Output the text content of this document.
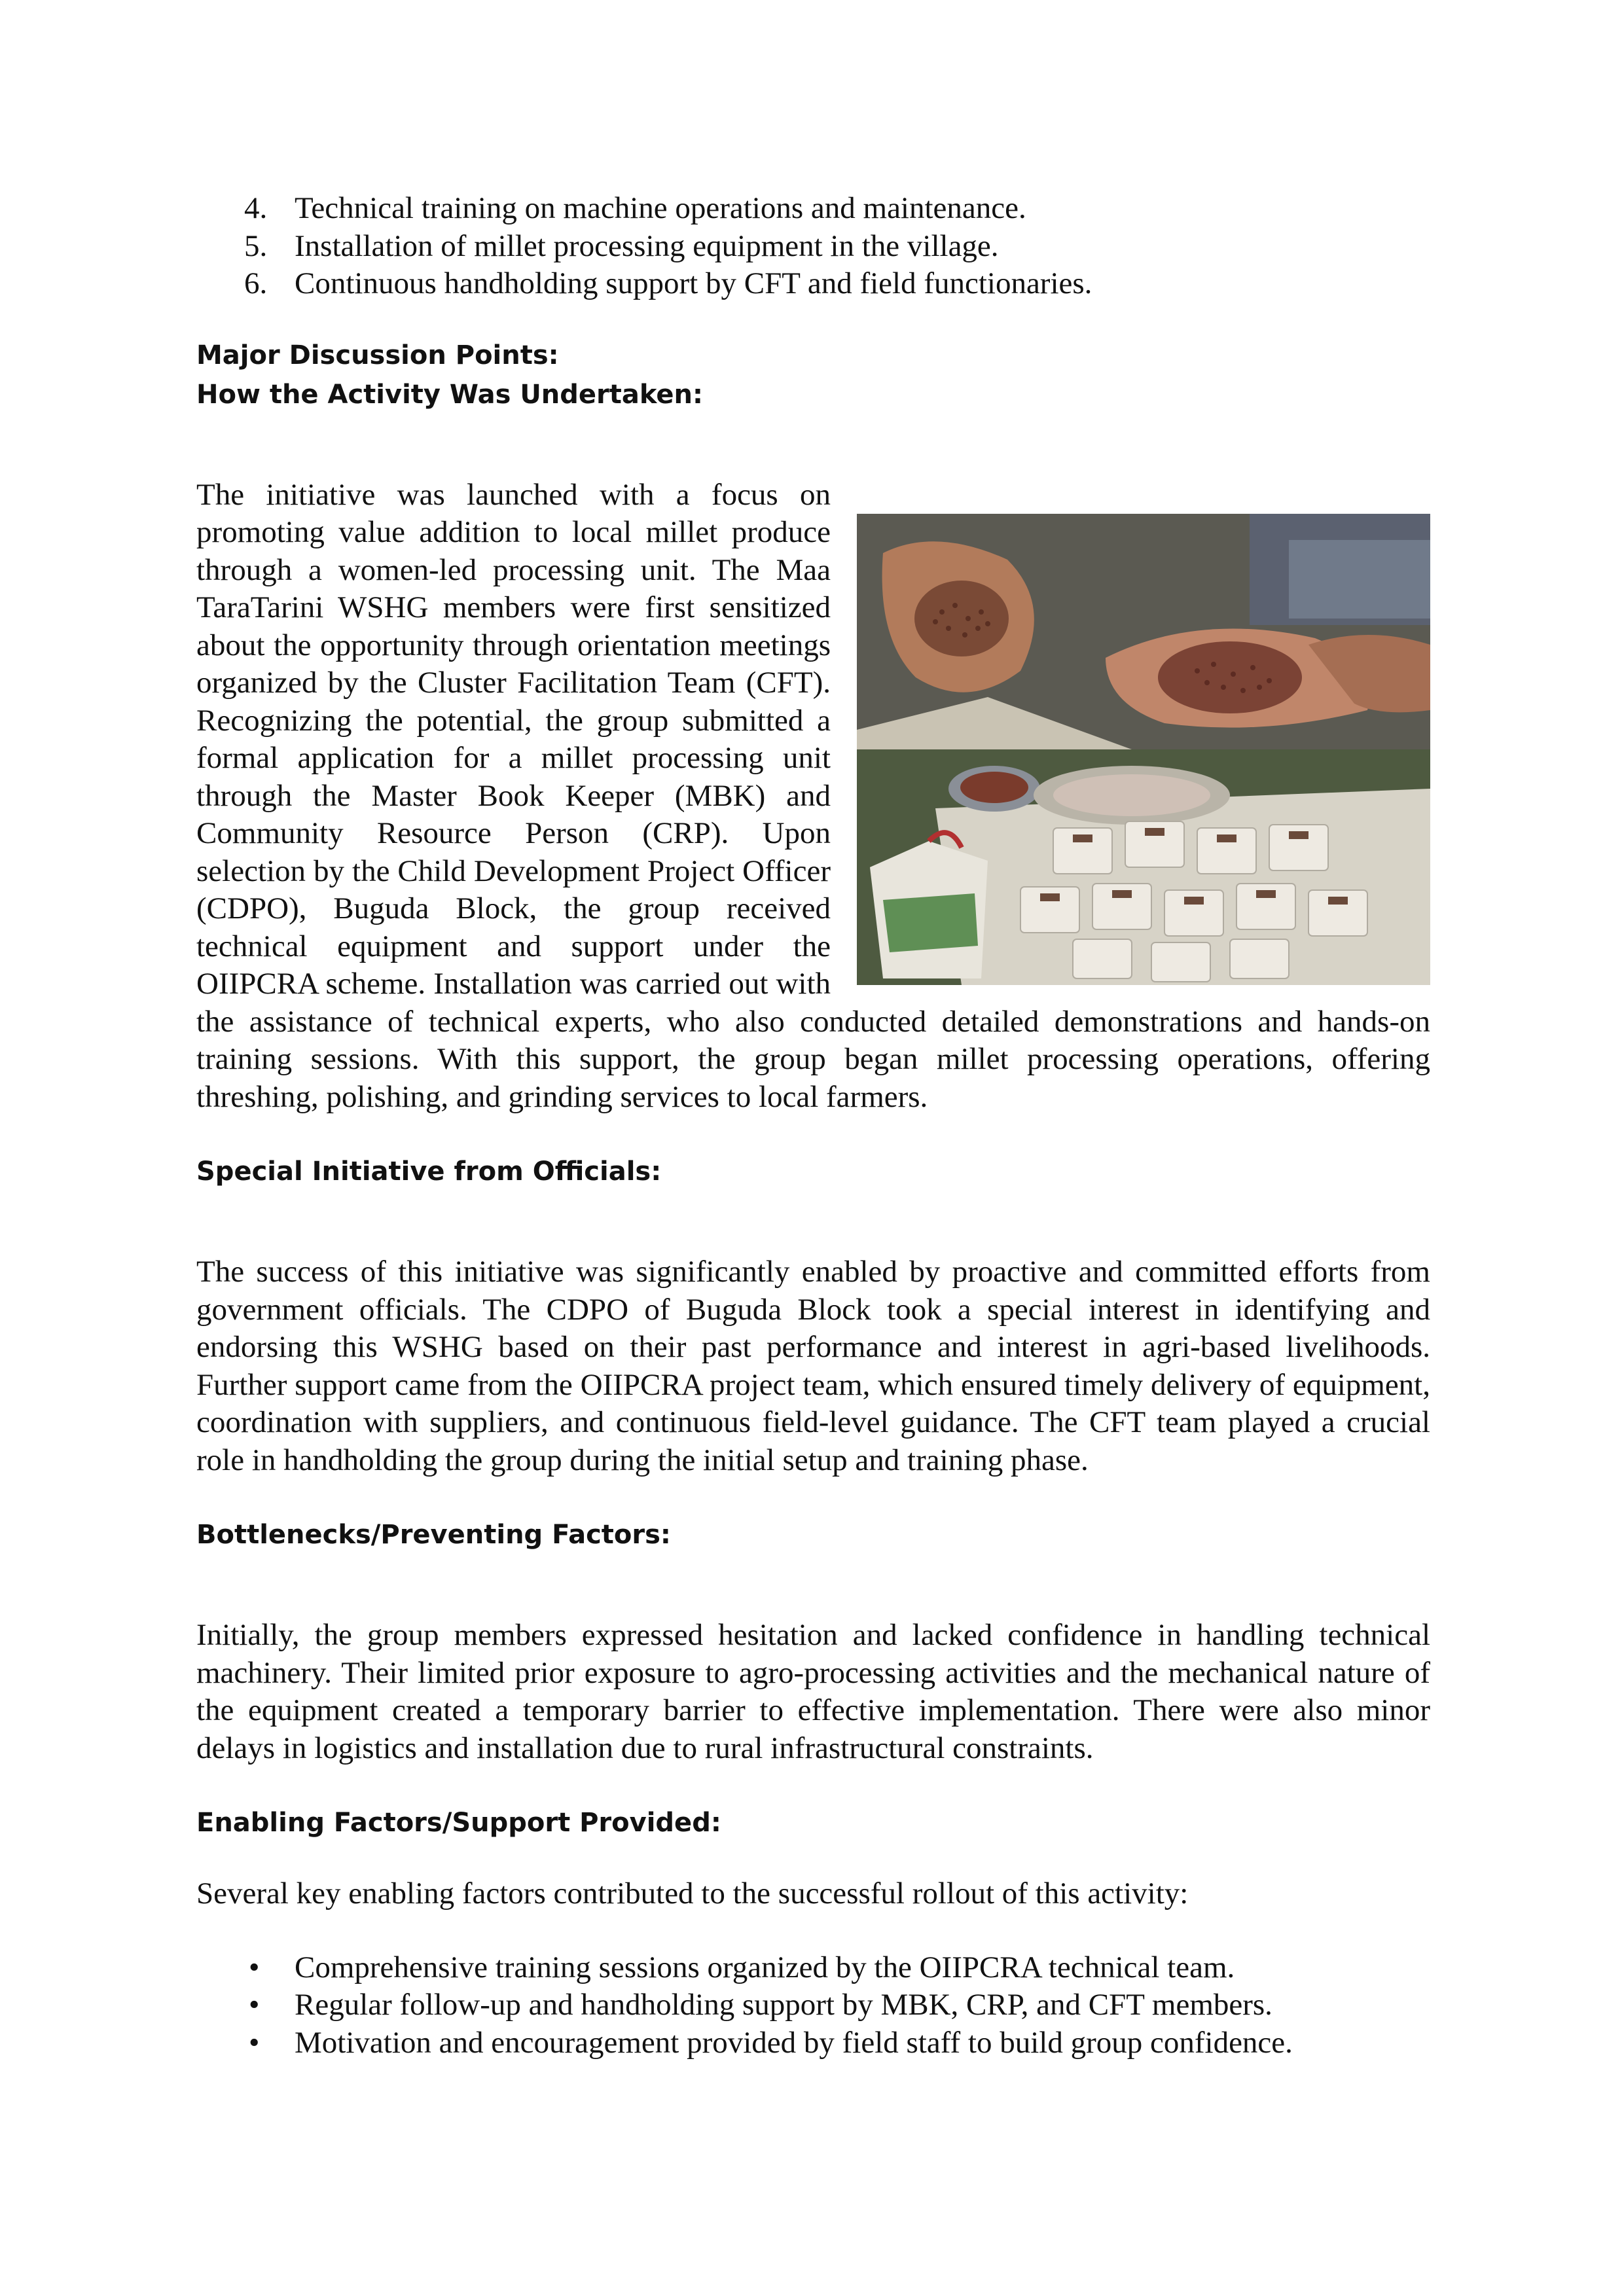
4. Technical training on machine operations and maintenance.
5. Installation of millet processing equipment in the village.
6. Continuous handholding support by CFT and field functionaries.
Major Discussion Points:
How the Activity Was Undertaken:

The initiative was launched with a focus on promoting value addition to local millet produce through a women-led processing unit. The Maa TaraTarini WSHG members were first sensitized about the opportunity through orientation meetings organized by the Cluster Facilitation Team (CFT). Recognizing the potential, the group submitted a formal application for a millet processing unit through the Master Book Keeper (MBK) and Community Resource Person (CRP). Upon selection by the Child Development Project Officer (CDPO), Buguda Block, the group received technical equipment and support under the OIIPCRA scheme. Installation was carried out with the assistance of technical experts, who also conducted detailed demonstrations and hands-on training sessions. With this support, the group began millet processing operations, offering threshing, polishing, and grinding services to local farmers.

Special Initiative from Officials:

The success of this initiative was significantly enabled by proactive and committed efforts from government officials. The CDPO of Buguda Block took a special interest in identifying and endorsing this WSHG based on their past performance and interest in agri-based livelihoods. Further support came from the OIIPCRA project team, which ensured timely delivery of equipment, coordination with suppliers, and continuous field-level guidance. The CFT team played a crucial role in handholding the group during the initial setup and training phase.

Bottlenecks/Preventing Factors:

Initially, the group members expressed hesitation and lacked confidence in handling technical machinery. Their limited prior exposure to agro-processing activities and the mechanical nature of the equipment created a temporary barrier to effective implementation. There were also minor delays in logistics and installation due to rural infrastructural constraints.

Enabling Factors/Support Provided:

Several key enabling factors contributed to the successful rollout of this activity:

• Comprehensive training sessions organized by the OIIPCRA technical team.
• Regular follow-up and handholding support by MBK, CRP, and CFT members.
• Motivation and encouragement provided by field staff to build group confidence.
